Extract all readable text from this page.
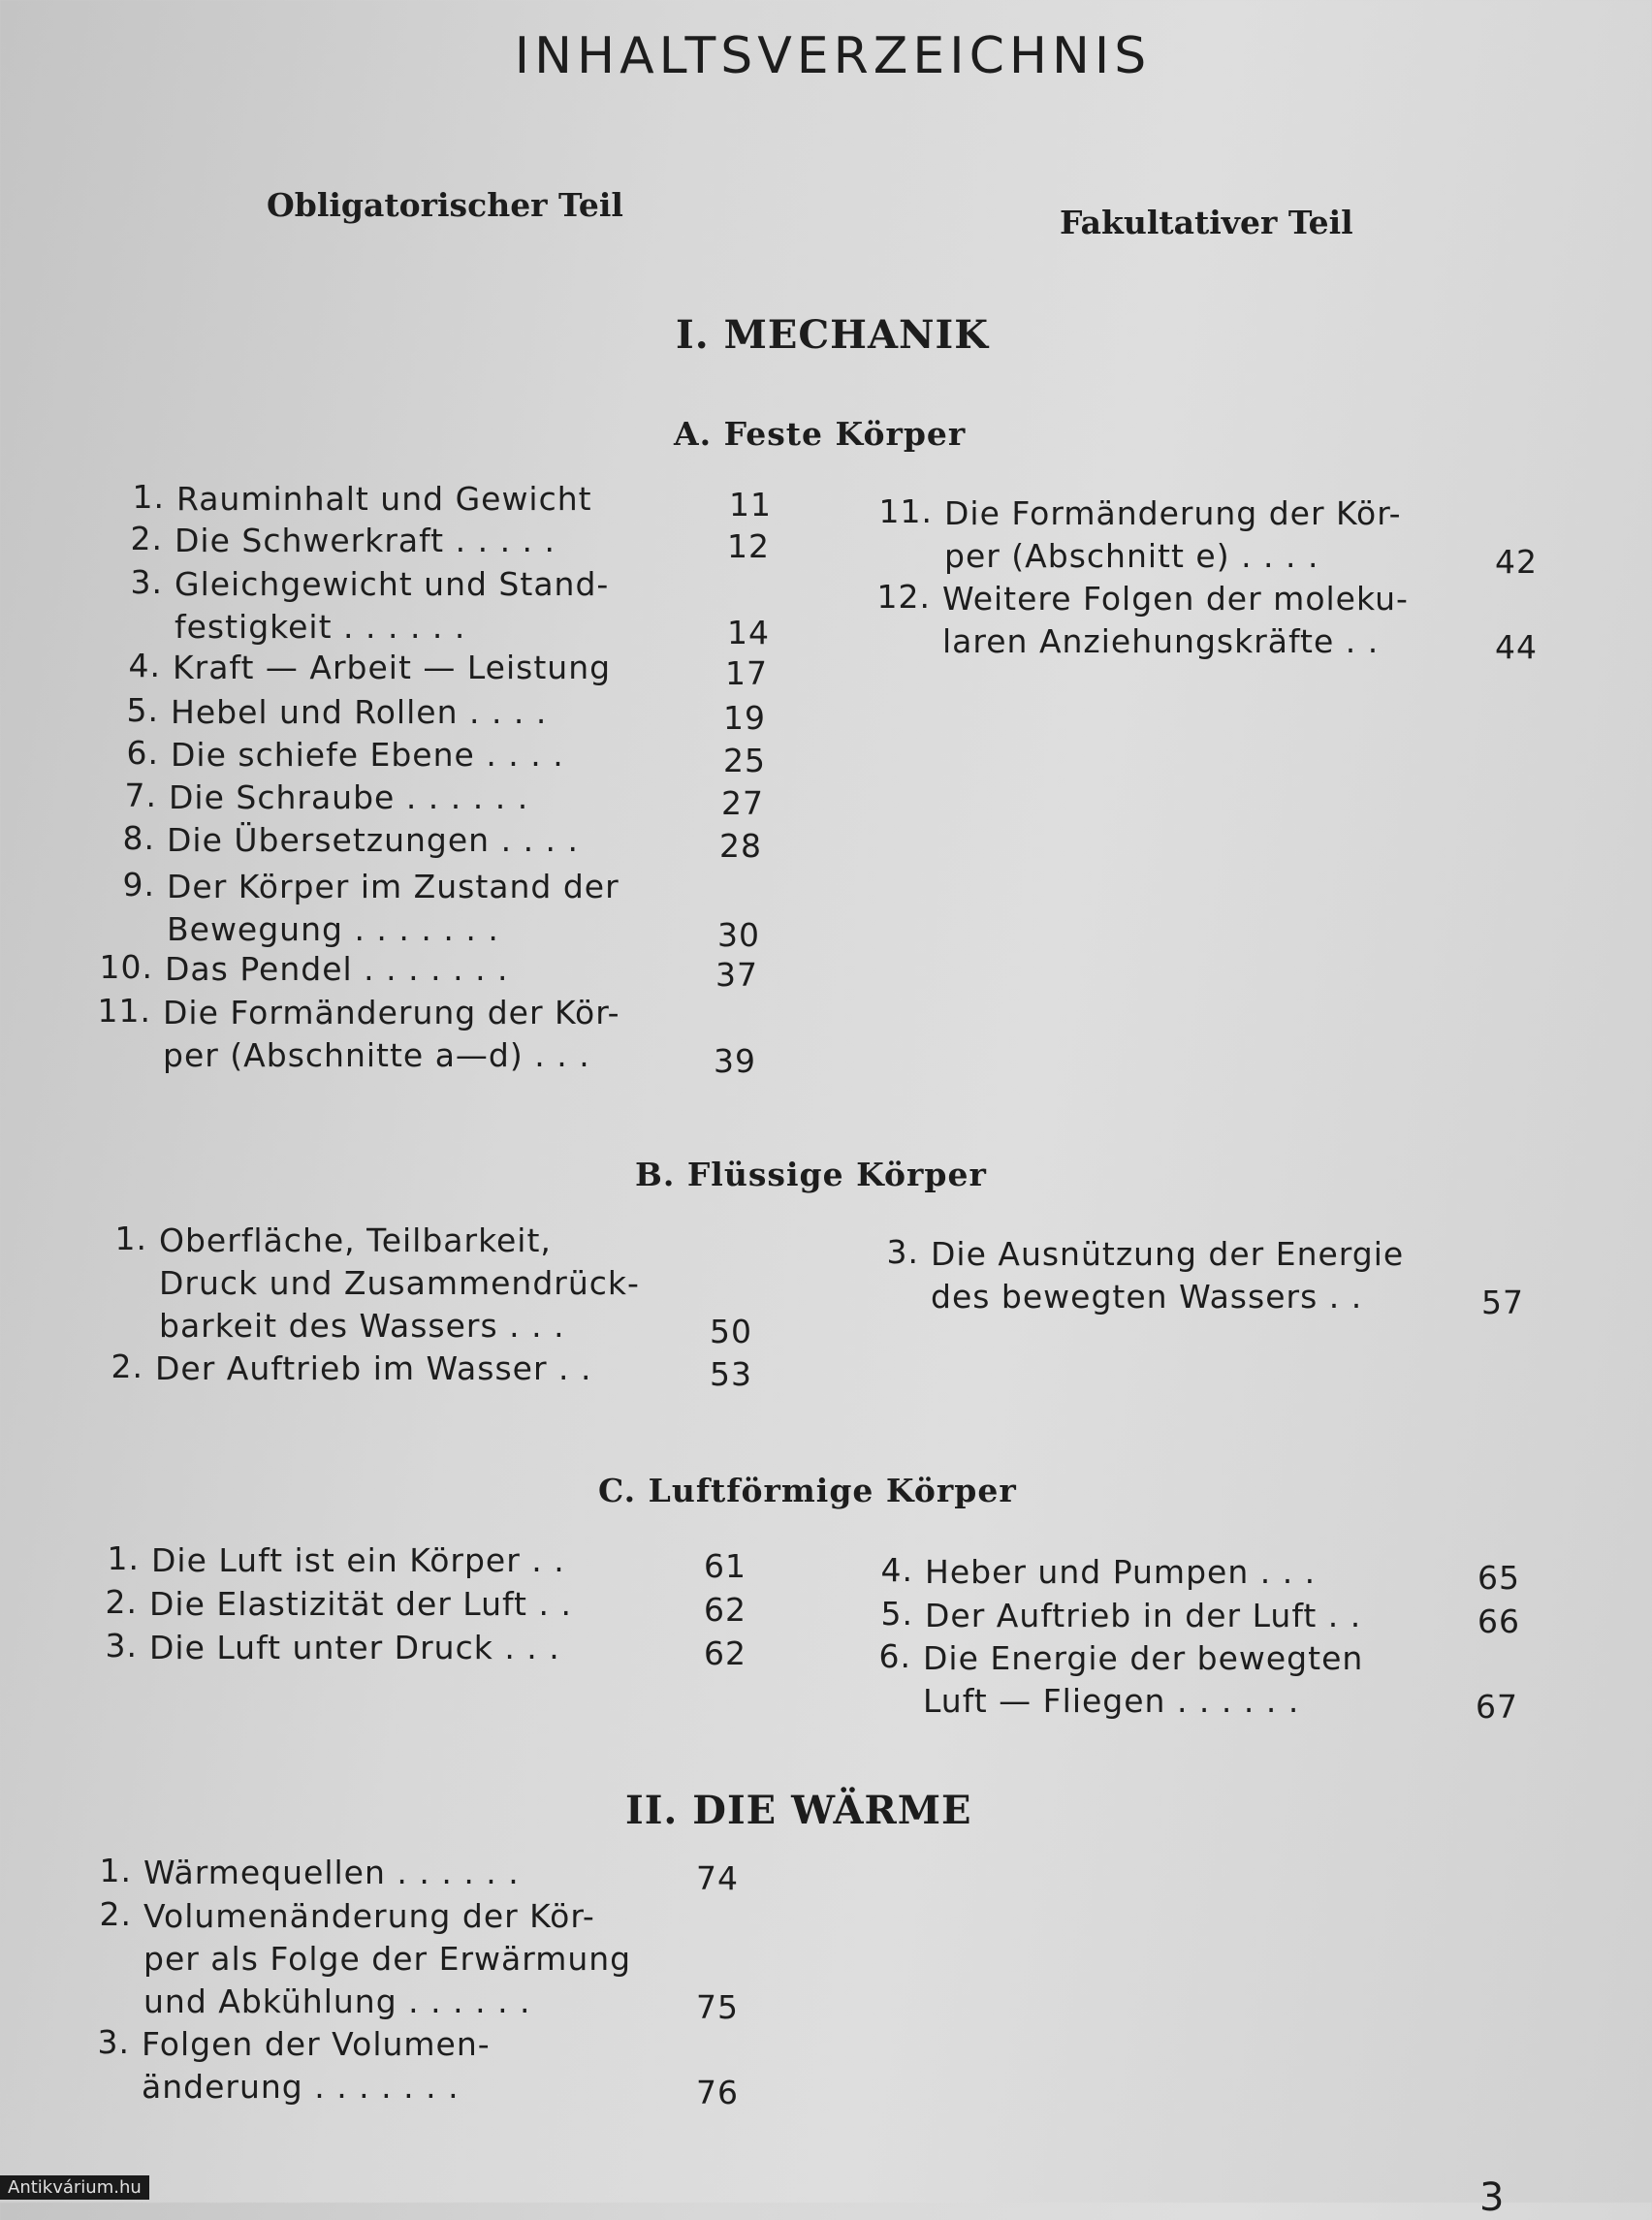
INHALTSVERZEICHNIS
Obligatorischer Teil	Fakultativer Teil
I. MECHANIK
A. Feste Körper
1. Rauminhalt und Gewicht	11
2. Die Schwerkraft . . . . .	12
3. Gleichgewicht und Stand-
festigkeit . . . . . .	14
4. Kraft — Arbeit — Leistung	17
5. Hebel und Rollen . . . .	19
6. Die schiefe Ebene . . . .	25
7. Die Schraube . . . . . .	27
8. Die Übersetzungen . . . .	28
9. Der Körper im Zustand der
Bewegung . . . . . . .	30
10. Das Pendel . . . . . . .	37
11. Die Formänderung der Kör-
per (Abschnitte a—d) . . .	39
11. Die Formänderung der Kör-
per (Abschnitt e) . . . .	42
12. Weitere Folgen der moleku-
laren Anziehungskräfte . .	44
B. Flüssige Körper
1. Oberfläche, Teilbarkeit,
Druck und Zusammendrück-
barkeit des Wassers . . .	50
2. Der Auftrieb im Wasser . .	53
3. Die Ausnützung der Energie
des bewegten Wassers . .	57
C. Luftförmige Körper
1. Die Luft ist ein Körper . .	61
2. Die Elastizität der Luft . .	62
3. Die Luft unter Druck . . .	62
4. Heber und Pumpen . . .	65
5. Der Auftrieb in der Luft . .	66
6. Die Energie der bewegten
Luft — Fliegen . . . . . .	67
II. DIE WÄRME
1. Wärmequellen . . . . . .	74
2. Volumenänderung der Kör-
per als Folge der Erwärmung
und Abkühlung . . . . . .	75
3. Folgen der Volumen-
änderung . . . . . . .	76
Antikvárium.hu	3
